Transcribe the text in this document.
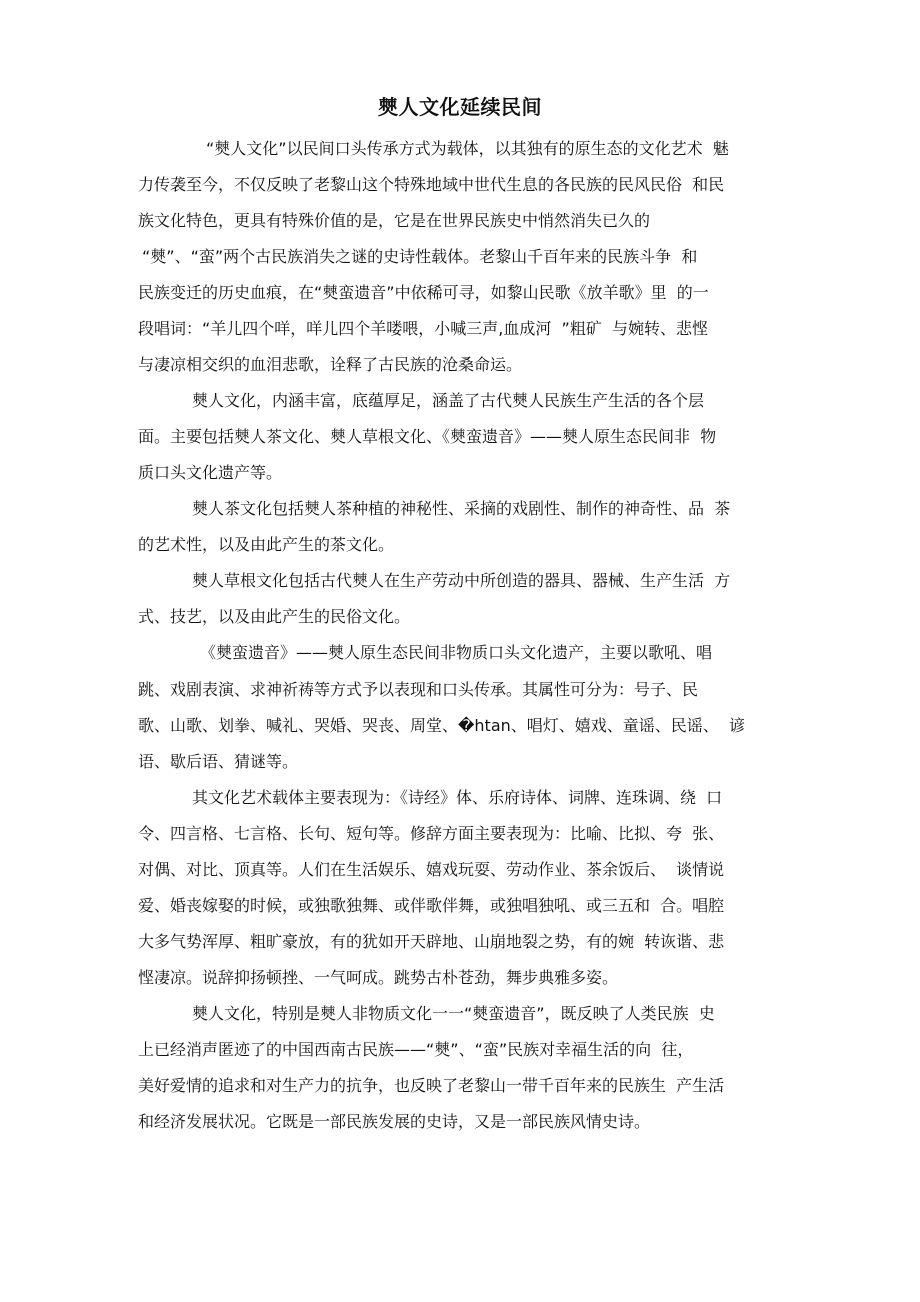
僰人文化延续民间
“僰人文化”以民间口头传承方式为载体，以其独有的原生态的文化艺术  魅
力传袭至今，不仅反映了老黎山这个特殊地域中世代生息的各民族的民风民俗  和民
族文化特色，更具有特殊价值的是，它是在世界民族史中悄然消失已久的
“僰”、“蛮”两个古民族消失之谜的史诗性载体。老黎山千百年来的民族斗争  和
民族变迁的历史血痕，在“僰蛮遗音”中依稀可寻，如黎山民歌《放羊歌》里  的一
段唱词：“羊儿四个咩，咩儿四个羊喽喂，小喊三声,血成河  ”粗矿  与婉转、悲悭
与凄凉相交织的血泪悲歌，诠释了古民族的沧桑命运。
僰人文化，内涵丰富，底蕴厚足，涵盖了古代僰人民族生产生活的各个层
面。主要包括僰人茶文化、僰人草根文化、《僰蛮遗音》——僰人原生态民间非  物
质口头文化遗产等。
僰人茶文化包括僰人茶种植的神秘性、采摘的戏剧性、制作的神奇性、品  茶
的艺术性，以及由此产生的茶文化。
僰人草根文化包括古代僰人在生产劳动中所创造的器具、器械、生产生活  方
式、技艺，以及由此产生的民俗文化。
《僰蛮遗音》——僰人原生态民间非物质口头文化遗产，主要以歌吼、唱
跳、戏剧表演、求神祈祷等方式予以表现和口头传承。其属性可分为：号子、民
歌、山歌、划拳、喊礼、哭婚、哭丧、周堂、�htan、唱灯、嬉戏、童谣、民谣、  谚
语、歇后语、猜谜等。
其文化艺术载体主要表现为：《诗经》体、乐府诗体、词牌、连珠调、绕  口
令、四言格、七言格、长句、短句等。修辞方面主要表现为：比喻、比拟、夸  张、
对偶、对比、顶真等。人们在生活娱乐、嬉戏玩耍、劳动作业、茶余饭后、  谈情说
爱、婚丧嫁娶的时候，或独歌独舞、或伴歌伴舞，或独唱独吼、或三五和  合。唱腔
大多气势浑厚、粗旷豪放，有的犹如开天辟地、山崩地裂之势，有的婉  转诙谐、悲
悭凄凉。说辞抑扬顿挫、一气呵成。跳势古朴苍劲，舞步典雅多姿。
僰人文化，特别是僰人非物质文化一一“僰蛮遗音”，既反映了人类民族  史
上已经消声匿迹了的中国西南古民族——“僰”、“蛮”民族对幸福生活的向  往，
美好爱情的追求和对生产力的抗争，也反映了老黎山一带千百年来的民族生  产生活
和经济发展状况。它既是一部民族发展的史诗，又是一部民族风情史诗。
